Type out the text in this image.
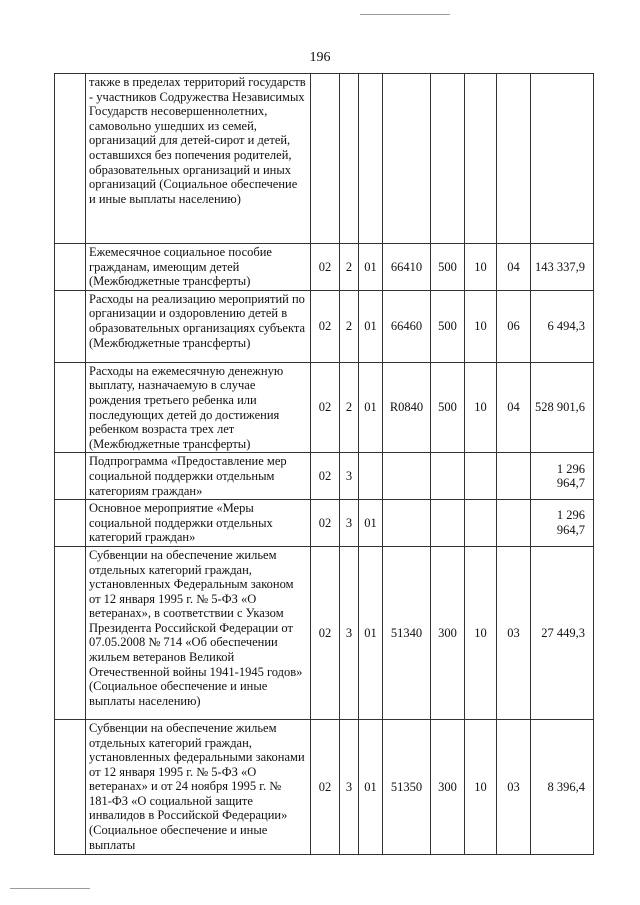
196
	также в пределах территорий государств - участников Содружества Независимых Государств несовершеннолетних, самовольно ушедших из семей, организаций для детей-сирот и детей, оставшихся без попечения родителей, образовательных организаций и иных организаций (Социальное обеспечение и иные выплаты населению)								
	Ежемесячное социальное пособие гражданам, имеющим детей (Межбюджетные трансферты)	02	2	01	66410	500	10	04	143 337,9
	Расходы на реализацию мероприятий по организации и оздоровлению детей в образовательных организациях субъекта (Межбюджетные трансферты)	02	2	01	66460	500	10	06	6 494,3
	Расходы на ежемесячную денежную выплату, назначаемую в случае рождения третьего ребенка или последующих детей до достижения ребенком возраста трех лет (Межбюджетные трансферты)	02	2	01	R0840	500	10	04	528 901,6
	Подпрограмма «Предоставление мер социальной поддержки отдельным категориям граждан»	02	3						1 296 964,7
	Основное мероприятие «Меры социальной поддержки отдельных категорий граждан»	02	3	01					1 296 964,7
	Субвенции на обеспечение жильем отдельных категорий граждан, установленных Федеральным законом от 12 января 1995 г. № 5-ФЗ «О ветеранах», в соответствии с Указом Президента Российской Федерации от 07.05.2008 № 714 «Об обеспечении жильем ветеранов Великой Отечественной войны 1941-1945 годов» (Социальное обеспечение и иные выплаты населению)	02	3	01	51340	300	10	03	27 449,3
	Субвенции на обеспечение жильем отдельных категорий граждан, установленных федеральными законами от 12 января 1995 г. № 5-ФЗ «О ветеранах» и от 24 ноября 1995 г. № 181-ФЗ «О социальной защите инвалидов в Российской Федерации» (Социальное обеспечение и иные выплаты	02	3	01	51350	300	10	03	8 396,4
